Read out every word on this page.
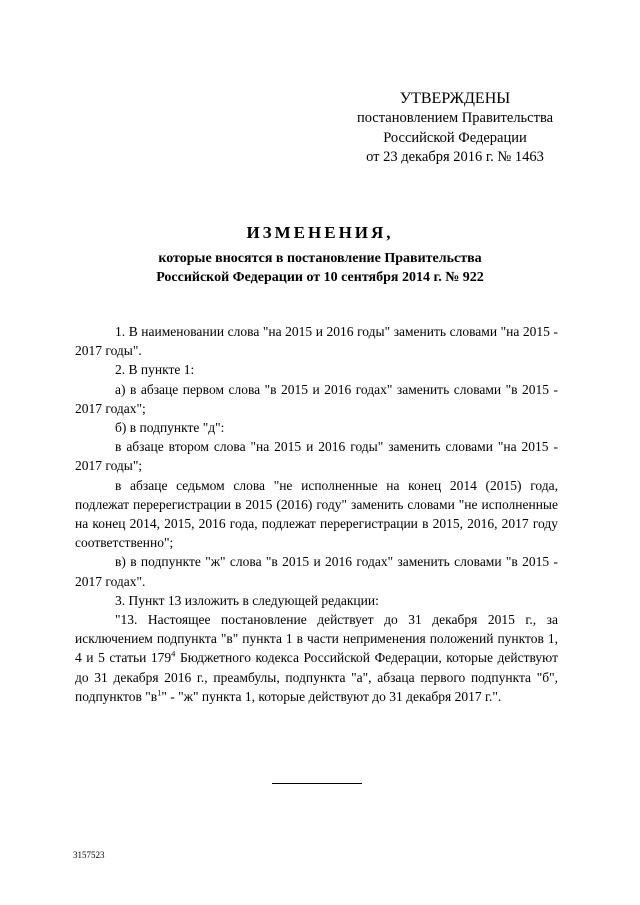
УТВЕРЖДЕНЫ
постановлением Правительства
Российской Федерации
от 23 декабря 2016 г. № 1463
ИЗМЕНЕНИЯ,
которые вносятся в постановление Правительства
Российской Федерации от 10 сентября 2014 г. № 922

1. В наименовании слова "на 2015 и 2016 годы" заменить словами "на 2015 - 2017 годы".

2. В пункте 1:

а) в абзаце первом слова "в 2015 и 2016 годах" заменить словами "в 2015 - 2017 годах";

б) в подпункте "д":

в абзаце втором слова "на 2015 и 2016 годы" заменить словами "на 2015 - 2017 годы";

в абзаце седьмом слова "не исполненные на конец 2014 (2015) года, подлежат перерегистрации в 2015 (2016) году" заменить словами "не исполненные на конец 2014, 2015, 2016 года, подлежат перерегистрации в 2015, 2016, 2017 году соответственно";

в) в подпункте "ж" слова "в 2015 и 2016 годах" заменить словами "в 2015 - 2017 годах".

3. Пункт 13 изложить в следующей редакции:

"13. Настоящее постановление действует до 31 декабря 2015 г., за исключением подпункта "в" пункта 1 в части неприменения положений пунктов 1, 4 и 5 статьи $179^4$ Бюджетного кодекса Российской Федерации, которые действуют до 31 декабря 2016 г., преамбулы, подпункта "а", абзаца первого подпункта "б", подпунктов "$в^1$" - "ж" пункта 1, которые действуют до 31 декабря 2017 г.".

3157523
